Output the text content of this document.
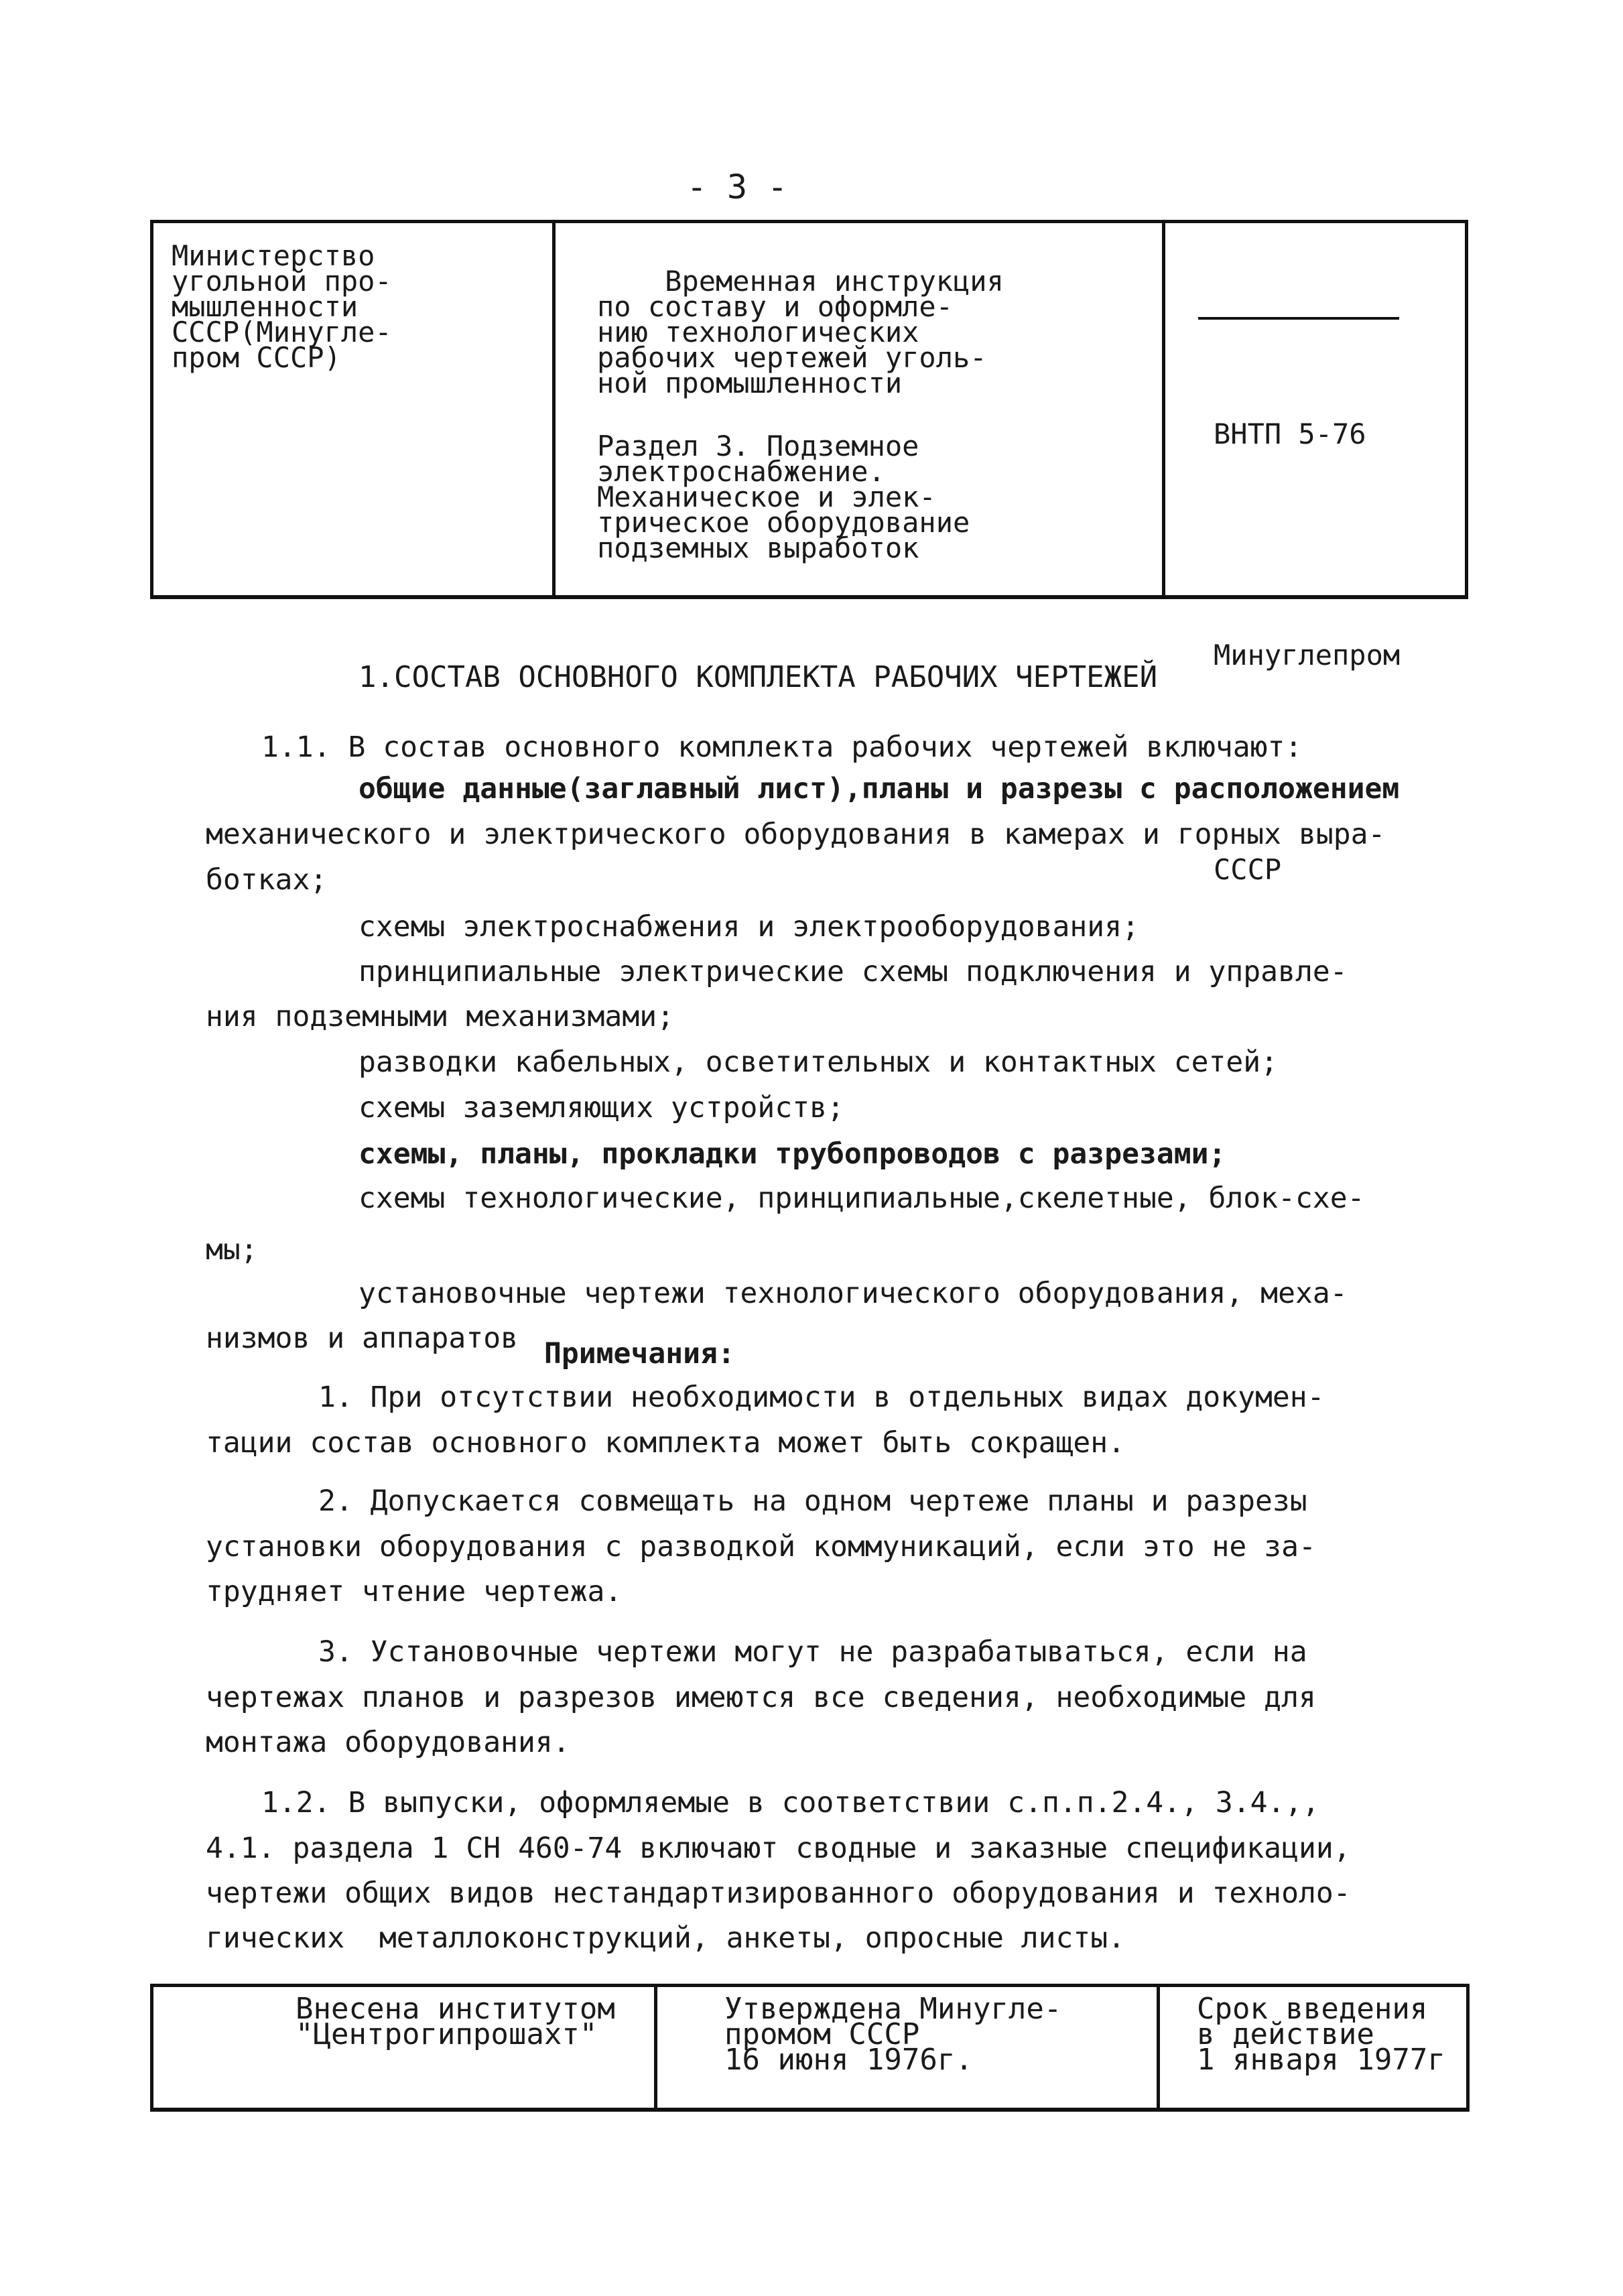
- 3 -
Министерство
угольной про-
мышленности
СССР(Минугле-
пром СССР)

Временная инструкция
по составу и оформле-
нию технологических
рабочих чертежей уголь-
ной промышленности

Раздел 3. Подземное
электроснабжение.
Механическое и элек-
трическое оборудование
подземных выработок

ВНТП 5-76

Минуглепром

СССР

1.СОСТАВ ОСНОВНОГО КОМПЛЕКТА РАБОЧИХ ЧЕРТЕЖЕЙ
1.1. В состав основного комплекта рабочих чертежей включают:
общие данные(заглавный лист),планы и разрезы с расположением
механического и электрического оборудования в камерах и горных выра-
ботках;
схемы электроснабжения и электрооборудования;
принципиальные электрические схемы подключения и управле-
ния подземными механизмами;
разводки кабельных, осветительных и контактных сетей;
схемы заземляющих устройств;
схемы, планы, прокладки трубопроводов с разрезами;
схемы технологические, принципиальные,скелетные, блок-схе-
мы;
установочные чертежи технологического оборудования, меха-
низмов и аппаратов Примечания:
1. При отсутствии необходимости в отдельных видах докумен-
тации состав основного комплекта может быть сокращен.
2. Допускается совмещать на одном чертеже планы и разрезы
установки оборудования с разводкой коммуникаций, если это не за-
трудняет чтение чертежа.
3. Установочные чертежи могут не разрабатываться, если на
чертежах планов и разрезов имеются все сведения, необходимые для
монтажа оборудования.
1.2. В выпуски, оформляемые в соответствии с.п.п.2.4., 3.4.,,
4.1. раздела 1 СН 460-74 включают сводные и заказные спецификации,
чертежи общих видов нестандартизированного оборудования и техноло-
гических  металлоконструкций, анкеты, опросные листы.
Внесена институтом
"Центрогипрошахт"
Утверждена Минугле-
промом СССР
16 июня 1976г.
Срок введения
в действие
1 января 1977г
